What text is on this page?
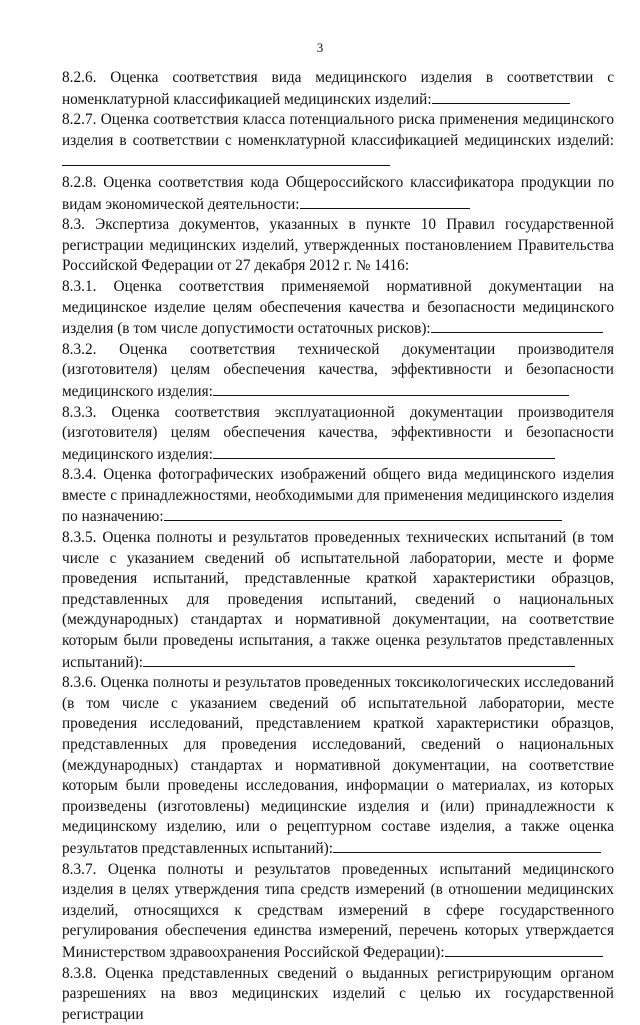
3

8.2.6. Оценка соответствия вида медицинского изделия в соответствии с номенклатурной классификацией медицинских изделий:

8.2.7. Оценка соответствия класса потенциального риска применения медицинского изделия в соответствии с номенклатурной классификацией медицинских изделий:

8.2.8. Оценка соответствия кода Общероссийского классификатора продукции по видам экономической деятельности:

8.3. Экспертиза документов, указанных в пункте 10 Правил государственной регистрации медицинских изделий, утвержденных постановлением Правительства Российской Федерации от 27 декабря 2012 г. № 1416:

8.3.1. Оценка соответствия применяемой нормативной документации на медицинское изделие целям обеспечения качества и безопасности медицинского изделия (в том числе допустимости остаточных рисков):

8.3.2. Оценка соответствия технической документации производителя (изготовителя) целям обеспечения качества, эффективности и безопасности медицинского изделия:

8.3.3. Оценка соответствия эксплуатационной документации производителя (изготовителя) целям обеспечения качества, эффективности и безопасности медицинского изделия:

8.3.4. Оценка фотографических изображений общего вида медицинского изделия вместе с принадлежностями, необходимыми для применения медицинского изделия по назначению:

8.3.5. Оценка полноты и результатов проведенных технических испытаний (в том числе с указанием сведений об испытательной лаборатории, месте и форме проведения испытаний, представленные краткой характеристики образцов, представленных для проведения испытаний, сведений о национальных (международных) стандартах и нормативной документации, на соответствие которым были проведены испытания, а также оценка результатов представленных испытаний):

8.3.6. Оценка полноты и результатов проведенных токсикологических исследований (в том числе с указанием сведений об испытательной лаборатории, месте проведения исследований, представлением краткой характеристики образцов, представленных для проведения исследований, сведений о национальных (международных) стандартах и нормативной документации, на соответствие которым были проведены исследования, информации о материалах, из которых произведены (изготовлены) медицинские изделия и (или) принадлежности к медицинскому изделию, или о рецептурном составе изделия, а также оценка результатов представленных испытаний):

8.3.7. Оценка полноты и результатов проведенных испытаний медицинского изделия в целях утверждения типа средств измерений (в отношении медицинских изделий, относящихся к средствам измерений в сфере государственного регулирования обеспечения единства измерений, перечень которых утверждается Министерством здравоохранения Российской Федерации):

8.3.8. Оценка представленных сведений о выданных регистрирующим органом разрешениях на ввоз медицинских изделий с целью их государственной регистрации
